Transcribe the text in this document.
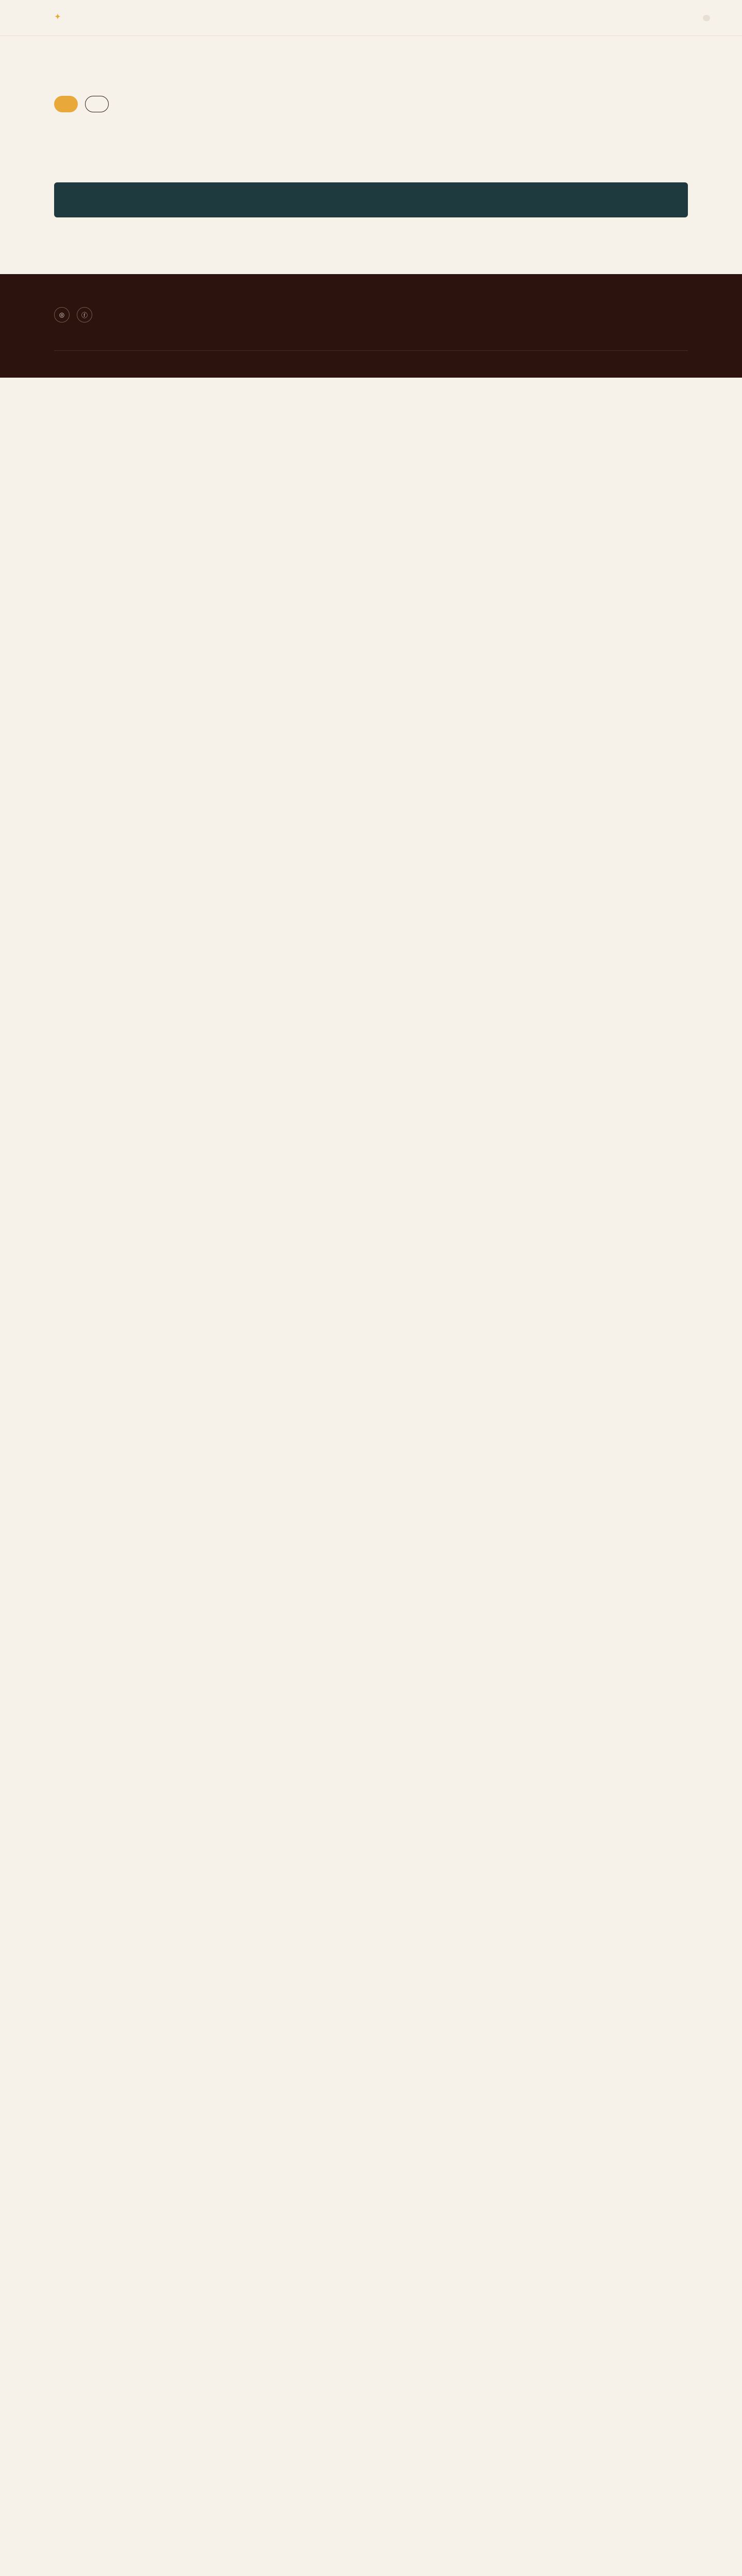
✦

◎	ⓕ
